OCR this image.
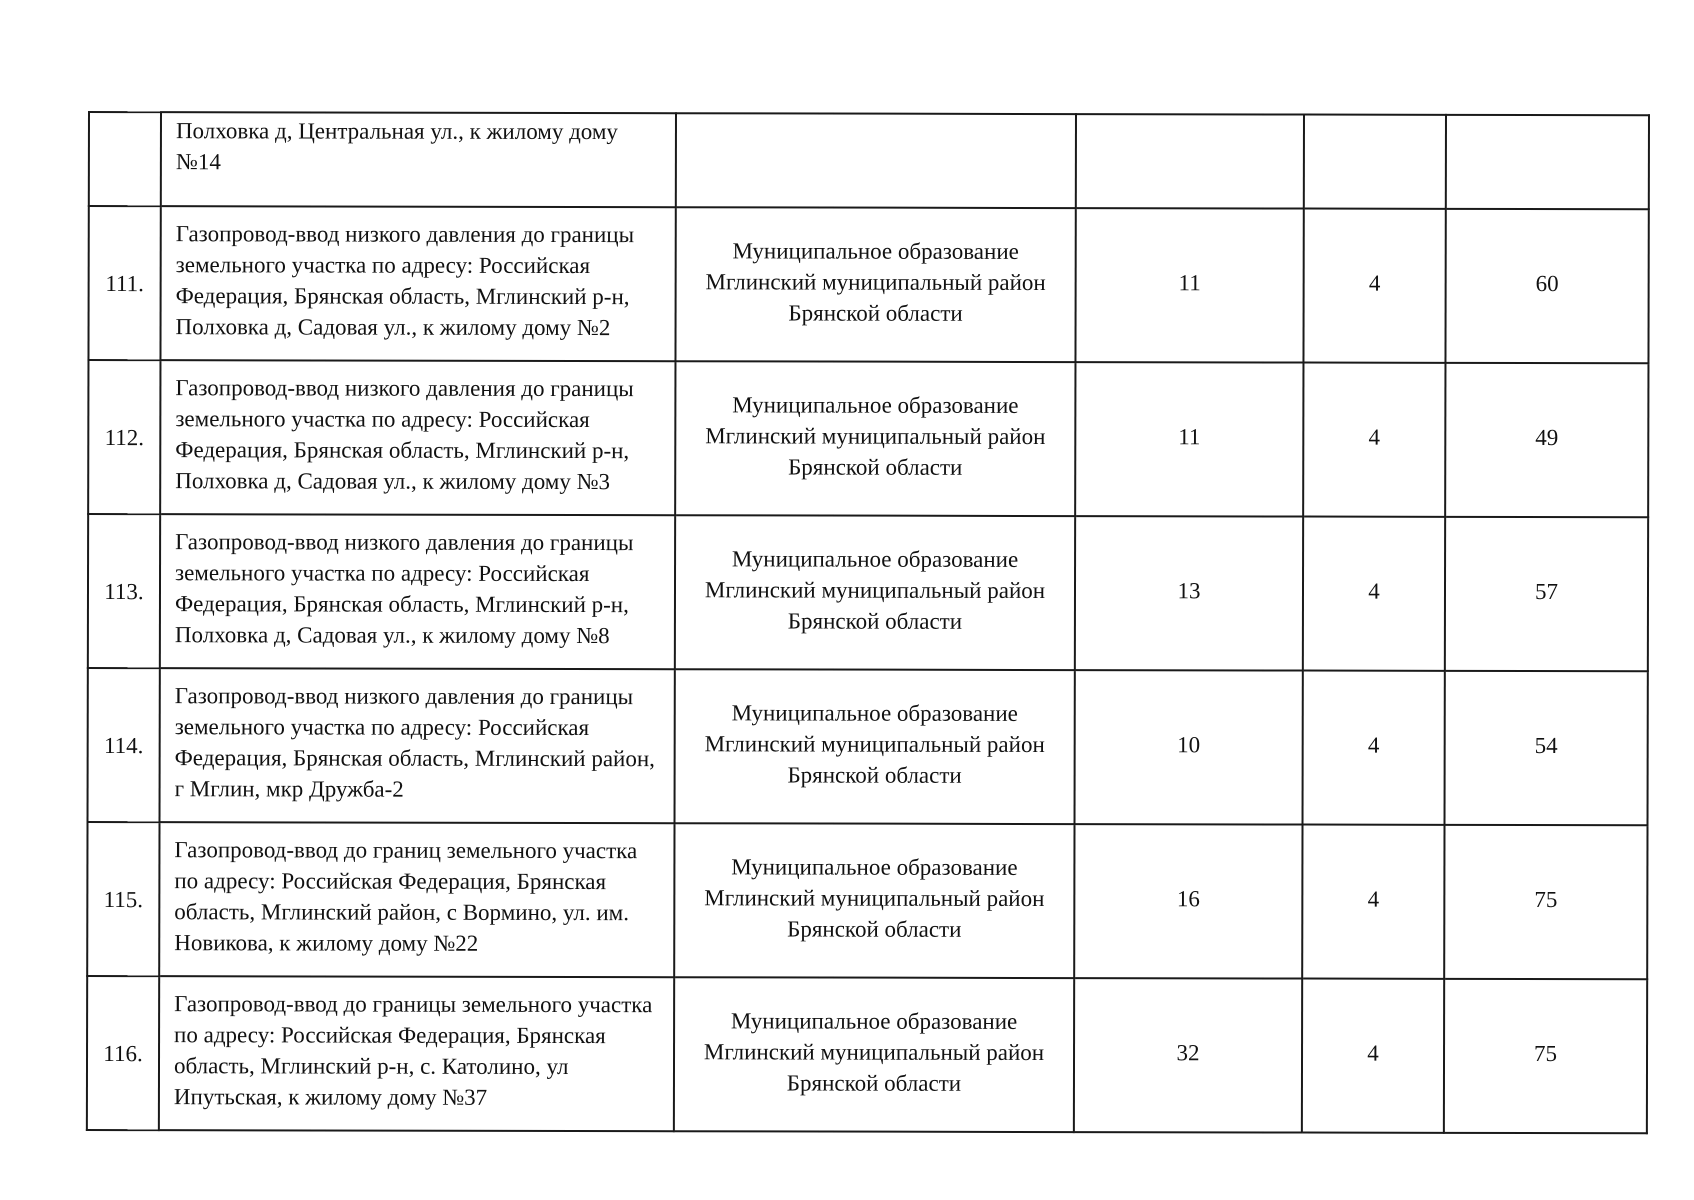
	Полховка д, Центральная ул., к жилому дому №14				
111.	Газопровод-ввод низкого давления до границы земельного участка по адресу: Российская Федерация, Брянская область, Мглинский р-н, Полховка д, Садовая ул., к жилому дому №2	Муниципальное образование
Мглинский муниципальный район
Брянской области	11	4	60
112.	Газопровод-ввод низкого давления до границы земельного участка по адресу: Российская Федерация, Брянская область, Мглинский р-н, Полховка д, Садовая ул., к жилому дому №3	Муниципальное образование
Мглинский муниципальный район
Брянской области	11	4	49
113.	Газопровод-ввод низкого давления до границы земельного участка по адресу: Российская Федерация, Брянская область, Мглинский р-н, Полховка д, Садовая ул., к жилому дому №8	Муниципальное образование
Мглинский муниципальный район
Брянской области	13	4	57
114.	Газопровод-ввод низкого давления до границы земельного участка по адресу: Российская Федерация, Брянская область, Мглинский район, г Мглин, мкр Дружба-2	Муниципальное образование
Мглинский муниципальный район
Брянской области	10	4	54
115.	Газопровод-ввод до границ земельного участка по адресу: Российская Федерация, Брянская область, Мглинский район, с Вормино, ул. им. Новикова, к жилому дому №22	Муниципальное образование
Мглинский муниципальный район
Брянской области	16	4	75
116.	Газопровод-ввод до границы земельного участка по адресу: Российская Федерация, Брянская область, Мглинский р-н, с. Католино, ул Ипутьская, к жилому дому №37	Муниципальное образование
Мглинский муниципальный район
Брянской области	32	4	75
